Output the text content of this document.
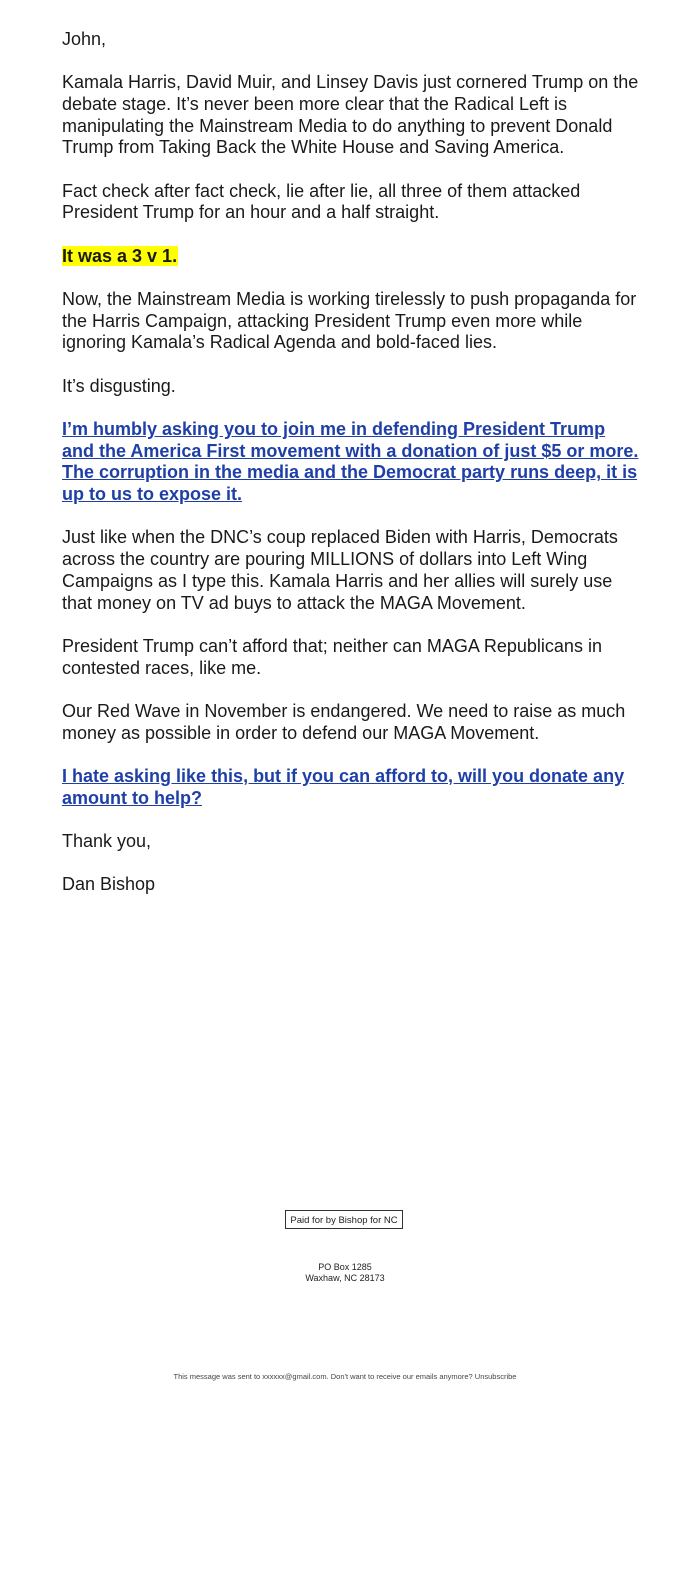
John,

Kamala Harris, David Muir, and Linsey Davis just cornered Trump on the debate stage. It’s never been more clear that the Radical Left is manipulating the Mainstream Media to do anything to prevent Donald Trump from Taking Back the White House and Saving America.

Fact check after fact check, lie after lie, all three of them attacked President Trump for an hour and a half straight.

It was a 3 v 1.

Now, the Mainstream Media is working tirelessly to push propaganda for the Harris Campaign, attacking President Trump even more while ignoring Kamala’s Radical Agenda and bold-faced lies.

It’s disgusting.

I’m humbly asking you to join me in defending President Trump and the America First movement with a donation of just $5 or more. The corruption in the media and the Democrat party runs deep, it is up to us to expose it.

Just like when the DNC’s coup replaced Biden with Harris, Democrats across the country are pouring MILLIONS of dollars into Left Wing Campaigns as I type this. Kamala Harris and her allies will surely use that money on TV ad buys to attack the MAGA Movement.

President Trump can’t afford that; neither can MAGA Republicans in contested races, like me.

Our Red Wave in November is endangered. We need to raise as much money as possible in order to defend our MAGA Movement.

I hate asking like this, but if you can afford to, will you donate any amount to help?

Thank you,

Dan Bishop

Paid for by Bishop for NC
PO Box 1285
Waxhaw, NC 28173
This message was sent to xxxxxx@gmail.com. Don't want to receive our emails anymore? Unsubscribe
